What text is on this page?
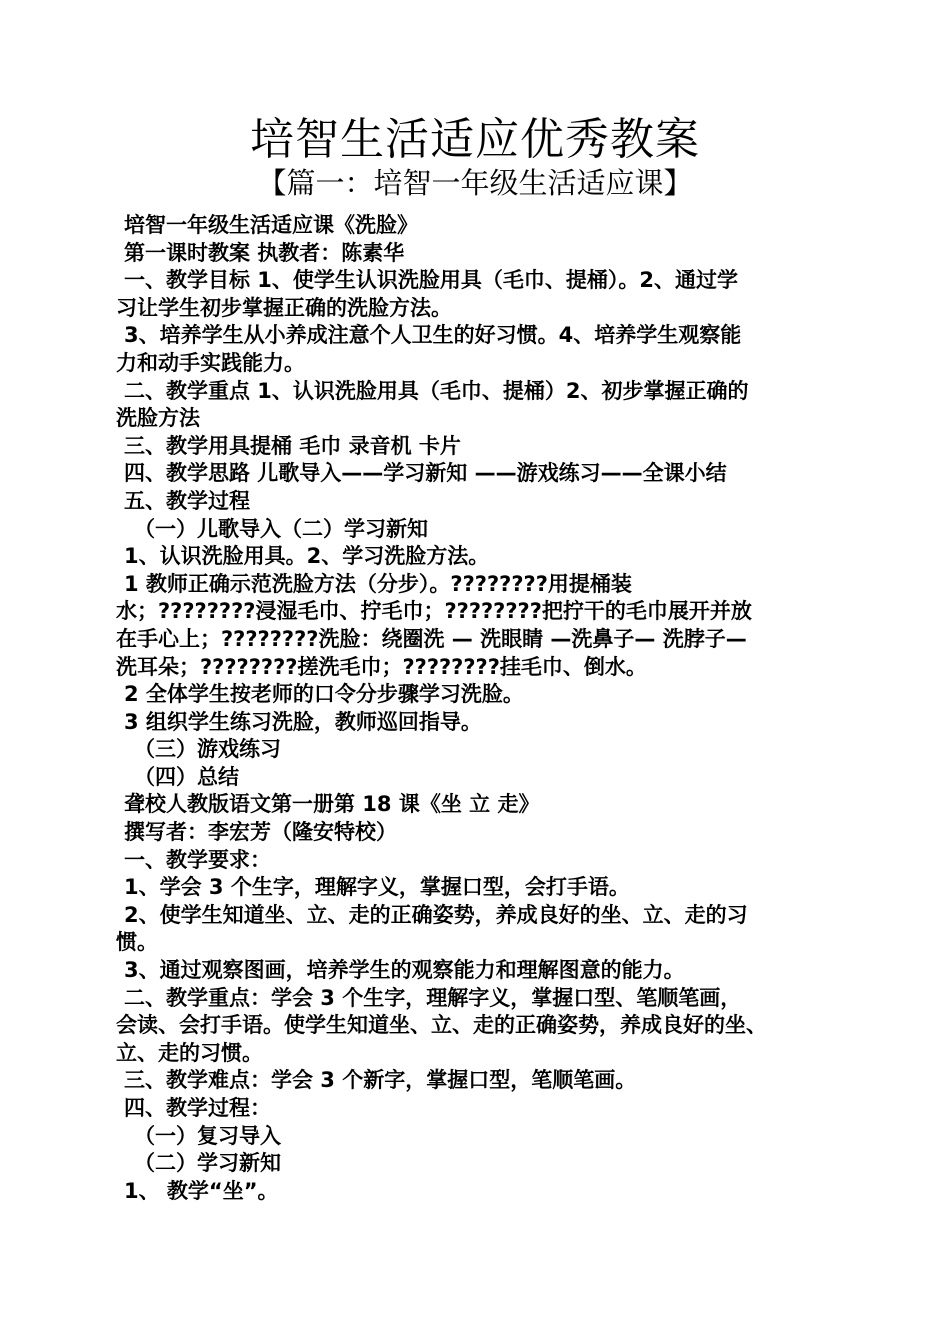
培智生活适应优秀教案
【篇一：培智一年级生活适应课】

培智一年级生活适应课《洗脸》

第一课时教案 执教者：陈素华

一、教学目标 1、使学生认识洗脸用具（毛巾、提桶）。2、通过学

习让学生初步掌握正确的洗脸方法。

3、培养学生从小养成注意个人卫生的好习惯。4、培养学生观察能

力和动手实践能力。

二、教学重点 1、认识洗脸用具（毛巾、提桶）2、初步掌握正确的

洗脸方法

三、教学用具提桶 毛巾 录音机 卡片

四、教学思路 儿歌导入——学习新知 ——游戏练习——全课小结

五、教学过程

（一）儿歌导入（二）学习新知

1、认识洗脸用具。2、学习洗脸方法。

1 教师正确示范洗脸方法（分步）。????????用提桶装

水；????????浸湿毛巾、拧毛巾；????????把拧干的毛巾展开并放

在手心上；????????洗脸：绕圈洗 — 洗眼睛 —洗鼻子— 洗脖子—

洗耳朵；????????搓洗毛巾；????????挂毛巾、倒水。

2 全体学生按老师的口令分步骤学习洗脸。

3 组织学生练习洗脸，教师巡回指导。

（三）游戏练习

（四）总结

聋校人教版语文第一册第 18 课《坐 立 走》

撰写者：李宏芳（隆安特校）

一、教学要求：

1、学会 3 个生字，理解字义，掌握口型，会打手语。

2、使学生知道坐、立、走的正确姿势，养成良好的坐、立、走的习

惯。

3、通过观察图画，培养学生的观察能力和理解图意的能力。

二、教学重点：学会 3 个生字，理解字义，掌握口型、笔顺笔画，

会读、会打手语。使学生知道坐、立、走的正确姿势，养成良好的坐、

立、走的习惯。

三、教学难点：学会 3 个新字，掌握口型，笔顺笔画。

四、教学过程：

（一）复习导入

（二）学习新知

1、 教学“坐”。
